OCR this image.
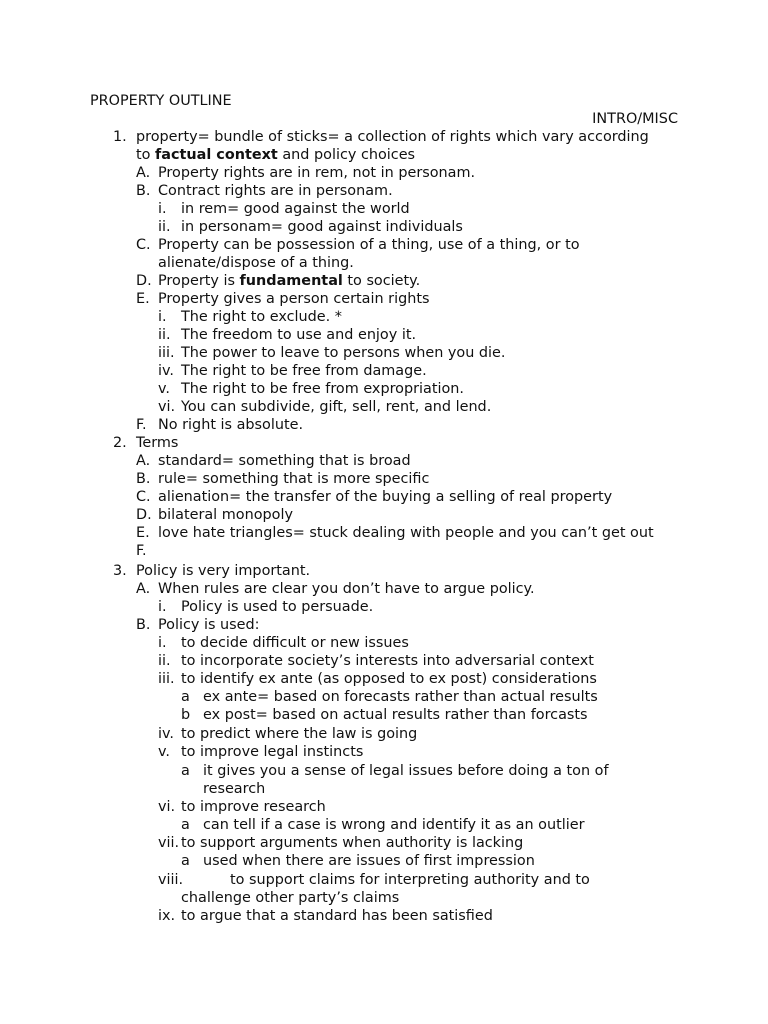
PROPERTY OUTLINE
INTRO/MISC
1. property= bundle of sticks= a collection of rights which vary according
to factual context and policy choices
A. Property rights are in rem, not in personam.
B. Contract rights are in personam.
i. in rem= good against the world
ii. in personam= good against individuals
C. Property can be possession of a thing, use of a thing, or to
alienate/dispose of a thing.
D. Property is fundamental to society.
E. Property gives a person certain rights
i. The right to exclude. *
ii. The freedom to use and enjoy it.
iii. The power to leave to persons when you die.
iv. The right to be free from damage.
v. The right to be free from expropriation.
vi. You can subdivide, gift, sell, rent, and lend.
F. No right is absolute.
2. Terms
A. standard= something that is broad
B. rule= something that is more specific
C. alienation= the transfer of the buying a selling of real property
D. bilateral monopoly
E. love hate triangles= stuck dealing with people and you can’t get out
F.
3. Policy is very important.
A. When rules are clear you don’t have to argue policy.
i. Policy is used to persuade.
B. Policy is used:
i. to decide difficult or new issues
ii. to incorporate society’s interests into adversarial context
iii. to identify ex ante (as opposed to ex post) considerations
a ex ante= based on forecasts rather than actual results
b ex post= based on actual results rather than forcasts
iv. to predict where the law is going
v. to improve legal instincts
a it gives you a sense of legal issues before doing a ton of
research
vi. to improve research
a can tell if a case is wrong and identify it as an outlier
vii. to support arguments when authority is lacking
a used when there are issues of first impression
viii.	to support claims for interpreting authority and to
challenge other party’s claims
ix. to argue that a standard has been satisfied
